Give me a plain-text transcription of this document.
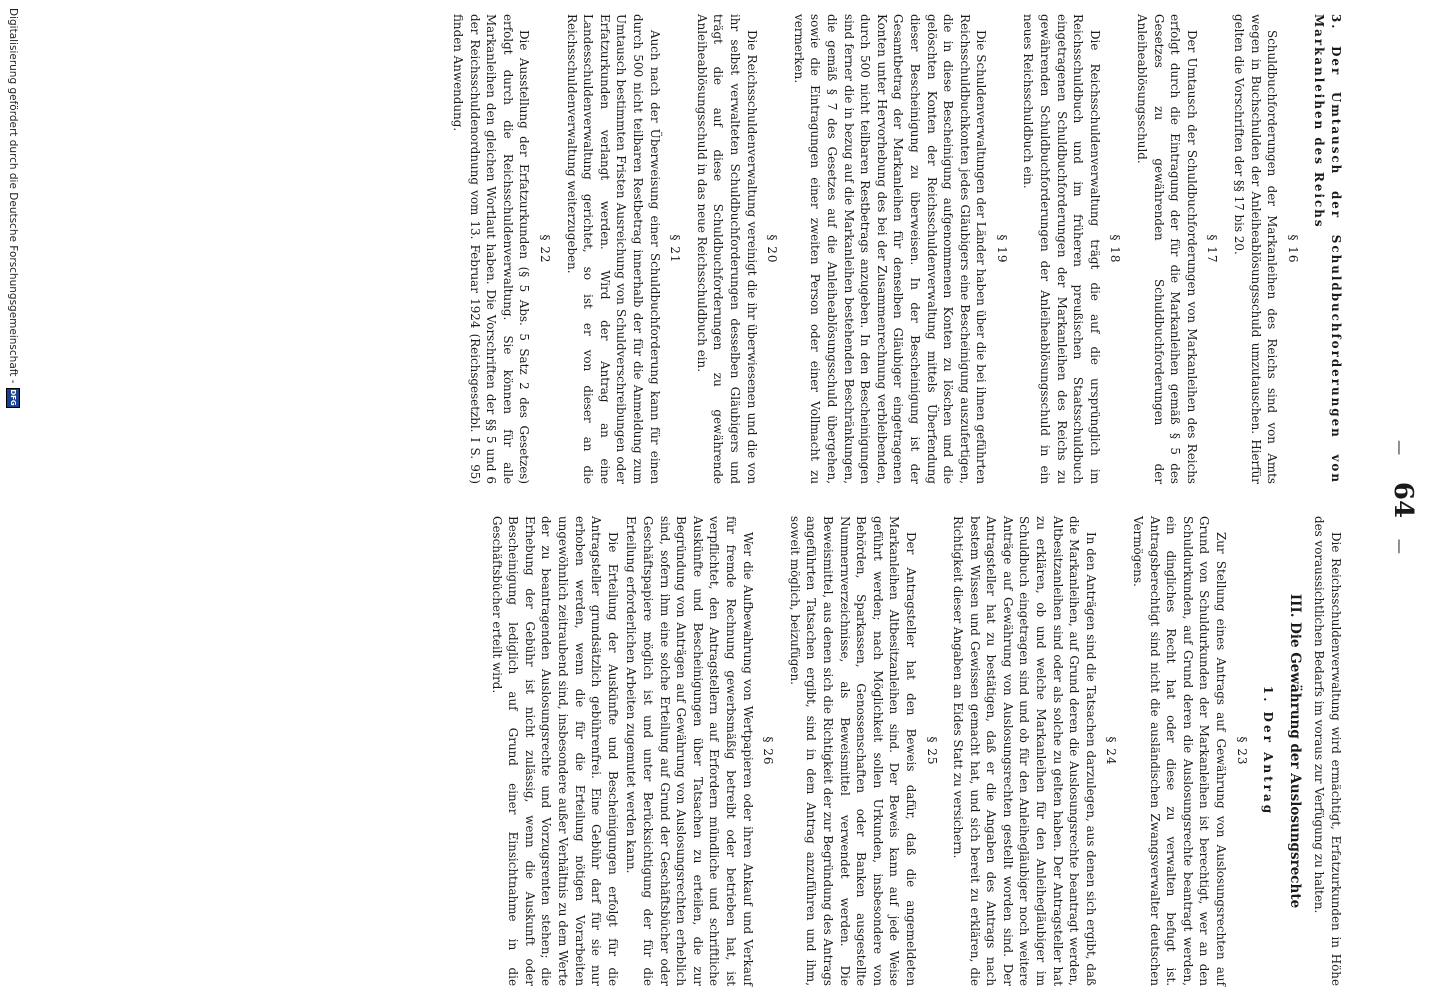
— 64 —

3. Der Umtausch der Schuldbuchforderungen von Markanleihen des Reichs

§ 16

Schuldbuchforderungen der Markanleihen des Reichs sind von Amts wegen in Buchschulden der Anleiheablösungsschuld umzutauschen. Hierfür gelten die Vorschriften der §§ 17 bis 20.

§ 17

Der Umtausch der Schuldbuchforderungen von Markanleihen des Reichs erfolgt durch die Eintragung der für die Markanleihen gemäß § 5 des Gesetzes zu gewährenden Schuldbuchforderungen der Anleiheablösungsschuld.

§ 18

Die Reichsschuldenverwaltung trägt die auf die ursprünglich im Reichsschuldbuch und im früheren preußischen Staatsschuldbuch eingetragenen Schuldbuchforderungen der Markanleihen des Reichs zu gewährenden Schuldbuchforderungen der Anleiheablösungsschuld in ein neues Reichsschuldbuch ein.

§ 19

Die Schuldenverwaltungen der Länder haben über die bei ihnen geführten Reichsschuldbuchkonten jedes Gläubigers eine Bescheinigung auszufertigen, die in diese Bescheinigung aufgenommenen Konten zu löschen und die gelöschten Konten der Reichsschuldenverwaltung mittels Überfendung dieser Bescheinigung zu überweisen. In der Bescheinigung ist der Gesamtbetrag der Markanleihen für denselben Gläubiger eingetragenen Konten unter Hervorhebung des bei der Zusammenrechnung verbleibenden, durch 500 nicht teilbaren Restbetrags anzugeben. In den Bescheinigungen sind ferner die in bezug auf die Markanleihen bestehenden Beschränkungen, die gemäß § 7 des Gesetzes auf die Anleiheablösungsschuld übergehen, sowie die Eintragungen einer zweiten Person oder einer Vollmacht zu vermerken.

§ 20

Die Reichsschuldenverwaltung vereinigt die ihr überwiesenen und die von ihr selbst verwalteten Schuldbuchforderungen desselben Gläubigers und trägt die auf diese Schuldbuchforderungen zu gewährende Anleiheablösungsschuld in das neue Reichsschuldbuch ein.

§ 21

Auch nach der Überweisung einer Schuldbuchforderung kann für einen durch 500 nicht teilbaren Restbetrag innerhalb der für die Anmeldung zum Umtausch bestimmten Fristen Ausreichung von Schuldverschreibungen oder Erfatzurkunden verlangt werden. Wird der Antrag an eine Landesschuldenverwaltung gerichtet, so ist er von dieser an die Reichsschuldenverwaltung weiterzugeben.

§ 22

Die Ausstellung der Erfatzurkunden (§ 5 Abs. 5 Satz 2 des Gesetzes) erfolgt durch die Reichsschuldenverwaltung. Sie können für alle Markanleihen den gleichen Wortlaut haben. Die Vorschriften der §§ 5 und 6 der Reichsschuldenordnung vom 13. Februar 1924 (Reichsgesetzbl. I S. 95) finden Anwendung.

Die Reichsschuldenverwaltung wird ermächtigt, Erfatzurkunden in Höhe des voraussichtlichen Bedarfs im voraus zur Verfügung zu halten.

III. Die Gewährung der Auslosungsrechte
1. Der Antrag
§ 23

Zur Stellung eines Antrags auf Gewährung von Auslosungsrechten auf Grund von Schuldurkunden der Markanleihen ist berechtigt, wer an den Schuldurkunden, auf Grund deren die Auslosungsrechte beantragt werden, ein dingliches Recht hat oder diese zu verwalten befugt ist. Antragsberechtigt sind nicht die ausländischen Zwangsverwalter deutschen Vermögens.

§ 24

In den Anträgen sind die Tatsachen darzulegen, aus denen sich ergibt, daß die Markanleihen, auf Grund deren die Auslosungsrechte beantragt werden, Altbesitzanleihen sind oder als solche zu gelten haben. Der Antragsteller hat zu erklären, ob und welche Markanleihen für den Anleihegläubiger im Schuldbuch eingetragen sind und ob für den Anleihegläubiger noch weitere Anträge auf Gewährung von Auslosungsrechten gestellt worden sind. Der Antragsteller hat zu bestätigen, daß er die Angaben des Antrags nach bestem Wissen und Gewissen gemacht hat, und sich bereit zu erklären, die Richtigkeit dieser Angaben an Eides Statt zu versichern.

§ 25

Der Antragsteller hat den Beweis dafür, daß die angemeldeten Markanleihen Altbesitzanleihen sind. Der Beweis kann auf jede Weise geführt werden; nach Möglichkeit sollen Urkunden, insbesondere von Behörden, Sparkassen, Genossenschaften oder Banken ausgestellte Nummernverzeichnisse, als Beweismittel verwendet werden. Die Beweismittel, aus denen sich die Richtigkeit der zur Begründung des Antrags angeführten Tatsachen ergibt, sind in dem Antrag anzuführen und ihm, soweit möglich, beizufügen.

§ 26

Wer die Aufbewahrung von Wertpapieren oder ihren Ankauf und Verkauf für fremde Rechnung gewerbsmäßig betreibt oder betrieben hat, ist verpflichtet, den Antragstellern auf Erfordern mündliche und schriftliche Auskünfte und Bescheinigungen über Tatsachen zu erteilen, die zur Begründung von Anträgen auf Gewährung von Auslosungsrechten erheblich sind, sofern ihm eine solche Erteilung auf Grund der Geschäftsbücher oder Geschäftspapiere möglich ist und unter Berücksichtigung der für die Erteilung erforderlichen Arbeiten zugemutet werden kann.

Die Erteilung der Auskünfte und Bescheinigungen erfolgt für die Antragsteller grundsätzlich gebührenfrei. Eine Gebühr darf für sie nur erhoben werden, wenn die für die Erteilung nötigen Vorarbeiten ungewöhnlich zeitraubend sind, insbesondere außer Verhältnis zu dem Werte der zu beantragenden Auslosungsrechte und Vorzugsrenten stehen; die Erhebung der Gebühr ist nicht zulässig, wenn die Auskunft oder Bescheinigung lediglich auf Grund einer Einsichtnahme in die Geschäftsbücher erteilt wird.

Digitalisierung gefördert durch die Deutsche Forschungsgemeinschaft -
DFG
